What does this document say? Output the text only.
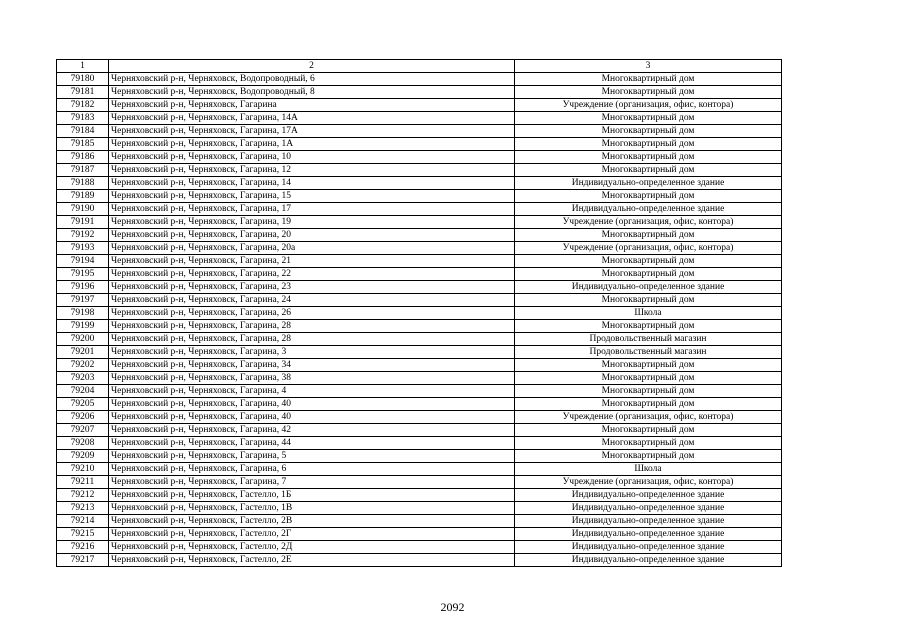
1	2	3
79180	Черняховский р-н, Черняховск, Водопроводный, 6	Многоквартирный дом
79181	Черняховский р-н, Черняховск, Водопроводный, 8	Многоквартирный дом
79182	Черняховский р-н, Черняховск, Гагарина	Учреждение (организация, офис, контора)
79183	Черняховский р-н, Черняховск, Гагарина, 14А	Многоквартирный дом
79184	Черняховский р-н, Черняховск, Гагарина, 17А	Многоквартирный дом
79185	Черняховский р-н, Черняховск, Гагарина, 1А	Многоквартирный дом
79186	Черняховский р-н, Черняховск, Гагарина, 10	Многоквартирный дом
79187	Черняховский р-н, Черняховск, Гагарина, 12	Многоквартирный дом
79188	Черняховский р-н, Черняховск, Гагарина, 14	Индивидуально-определенное здание
79189	Черняховский р-н, Черняховск, Гагарина, 15	Многоквартирный дом
79190	Черняховский р-н, Черняховск, Гагарина, 17	Индивидуально-определенное здание
79191	Черняховский р-н, Черняховск, Гагарина, 19	Учреждение (организация, офис, контора)
79192	Черняховский р-н, Черняховск, Гагарина, 20	Многоквартирный дом
79193	Черняховский р-н, Черняховск, Гагарина, 20а	Учреждение (организация, офис, контора)
79194	Черняховский р-н, Черняховск, Гагарина, 21	Многоквартирный дом
79195	Черняховский р-н, Черняховск, Гагарина, 22	Многоквартирный дом
79196	Черняховский р-н, Черняховск, Гагарина, 23	Индивидуально-определенное здание
79197	Черняховский р-н, Черняховск, Гагарина, 24	Многоквартирный дом
79198	Черняховский р-н, Черняховск, Гагарина, 26	Школа
79199	Черняховский р-н, Черняховск, Гагарина, 28	Многоквартирный дом
79200	Черняховский р-н, Черняховск, Гагарина, 28	Продовольственный магазин
79201	Черняховский р-н, Черняховск, Гагарина, 3	Продовольственный магазин
79202	Черняховский р-н, Черняховск, Гагарина, 34	Многоквартирный дом
79203	Черняховский р-н, Черняховск, Гагарина, 38	Многоквартирный дом
79204	Черняховский р-н, Черняховск, Гагарина, 4	Многоквартирный дом
79205	Черняховский р-н, Черняховск, Гагарина, 40	Многоквартирный дом
79206	Черняховский р-н, Черняховск, Гагарина, 40	Учреждение (организация, офис, контора)
79207	Черняховский р-н, Черняховск, Гагарина, 42	Многоквартирный дом
79208	Черняховский р-н, Черняховск, Гагарина, 44	Многоквартирный дом
79209	Черняховский р-н, Черняховск, Гагарина, 5	Многоквартирный дом
79210	Черняховский р-н, Черняховск, Гагарина, 6	Школа
79211	Черняховский р-н, Черняховск, Гагарина, 7	Учреждение (организация, офис, контора)
79212	Черняховский р-н, Черняховск, Гастелло, 1Б	Индивидуально-определенное здание
79213	Черняховский р-н, Черняховск, Гастелло, 1В	Индивидуально-определенное здание
79214	Черняховский р-н, Черняховск, Гастелло, 2В	Индивидуально-определенное здание
79215	Черняховский р-н, Черняховск, Гастелло, 2Г	Индивидуально-определенное здание
79216	Черняховский р-н, Черняховск, Гастелло, 2Д	Индивидуально-определенное здание
79217	Черняховский р-н, Черняховск, Гастелло, 2Е	Индивидуально-определенное здание
2092
